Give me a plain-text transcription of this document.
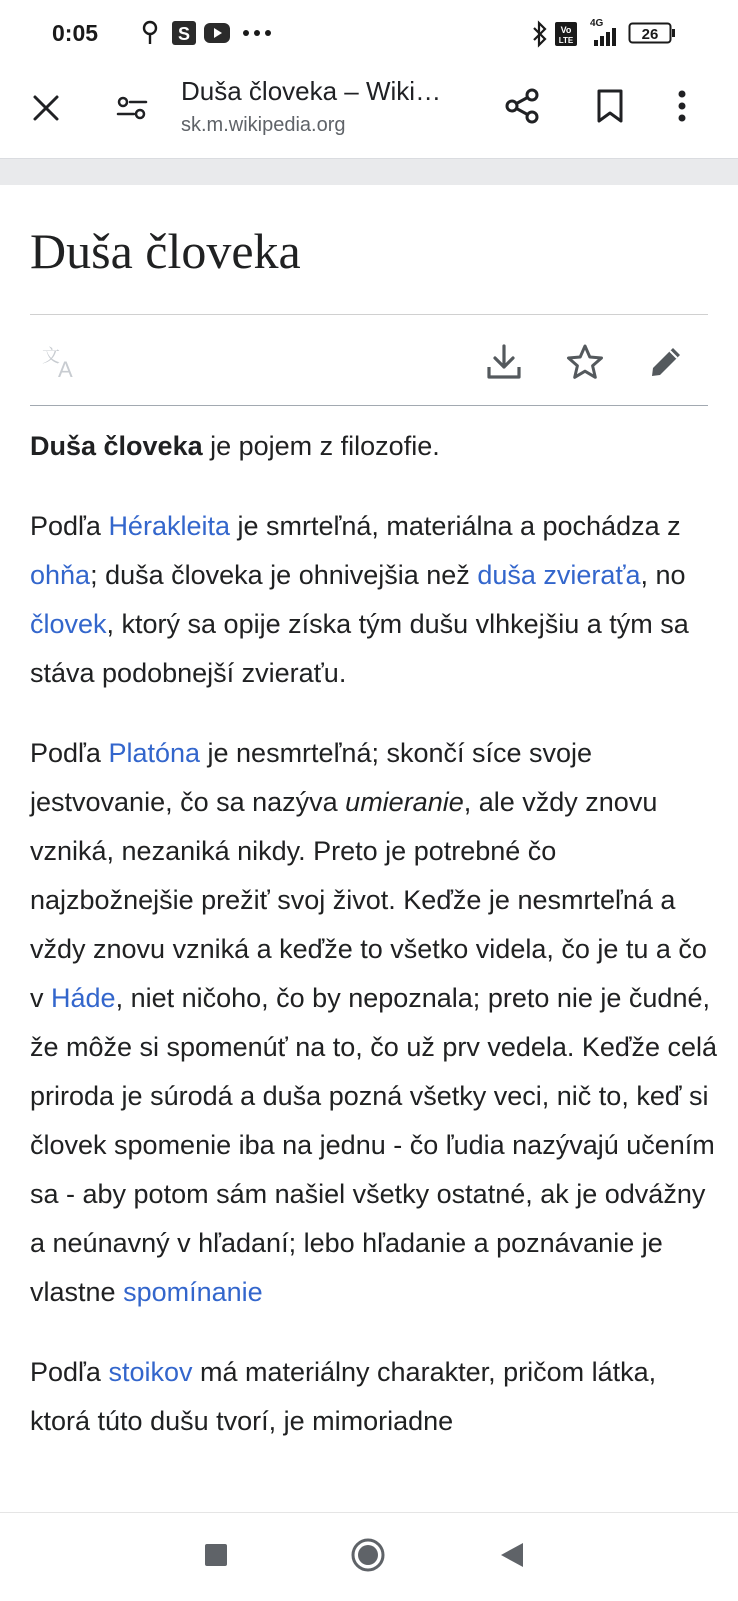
0:05	S	Vo
LTE
4G
26
Duša človeka – Wiki…
sk.m.wikipedia.org
Duša človeka
文
A

Duša človeka je pojem z filozofie.

Podľa Hérakleita je smrteľná, materiálna a pochádza z ohňa; duša človeka je ohnivejšia než duša zvieraťa, no človek, ktorý sa opije získa tým dušu vlhkejšiu a tým sa stáva podobnejší zvieraťu.

Podľa Platóna je nesmrteľná; skončí síce svoje jestvovanie, čo sa nazýva umieranie, ale vždy znovu vzniká, nezaniká nikdy. Preto je potrebné čo najzbožnejšie prežiť svoj život. Keďže je nesmrteľná a vždy znovu vzniká a keďže to všetko videla, čo je tu a čo v Háde, niet ničoho, čo by nepoznala; preto nie je čudné, že môže si spomenúť na to, čo už prv vedela. Keďže celá priroda je súrodá a duša pozná všetky veci, nič to, keď si človek spomenie iba na jednu - čo ľudia nazývajú učením sa - aby potom sám našiel všetky ostatné, ak je odvážny a neúnavný v hľadaní; lebo hľadanie a poznávanie je vlastne spomínanie

Podľa stoikov má materiálny charakter, pričom látka, ktorá túto dušu tvorí, je mimoriadne
